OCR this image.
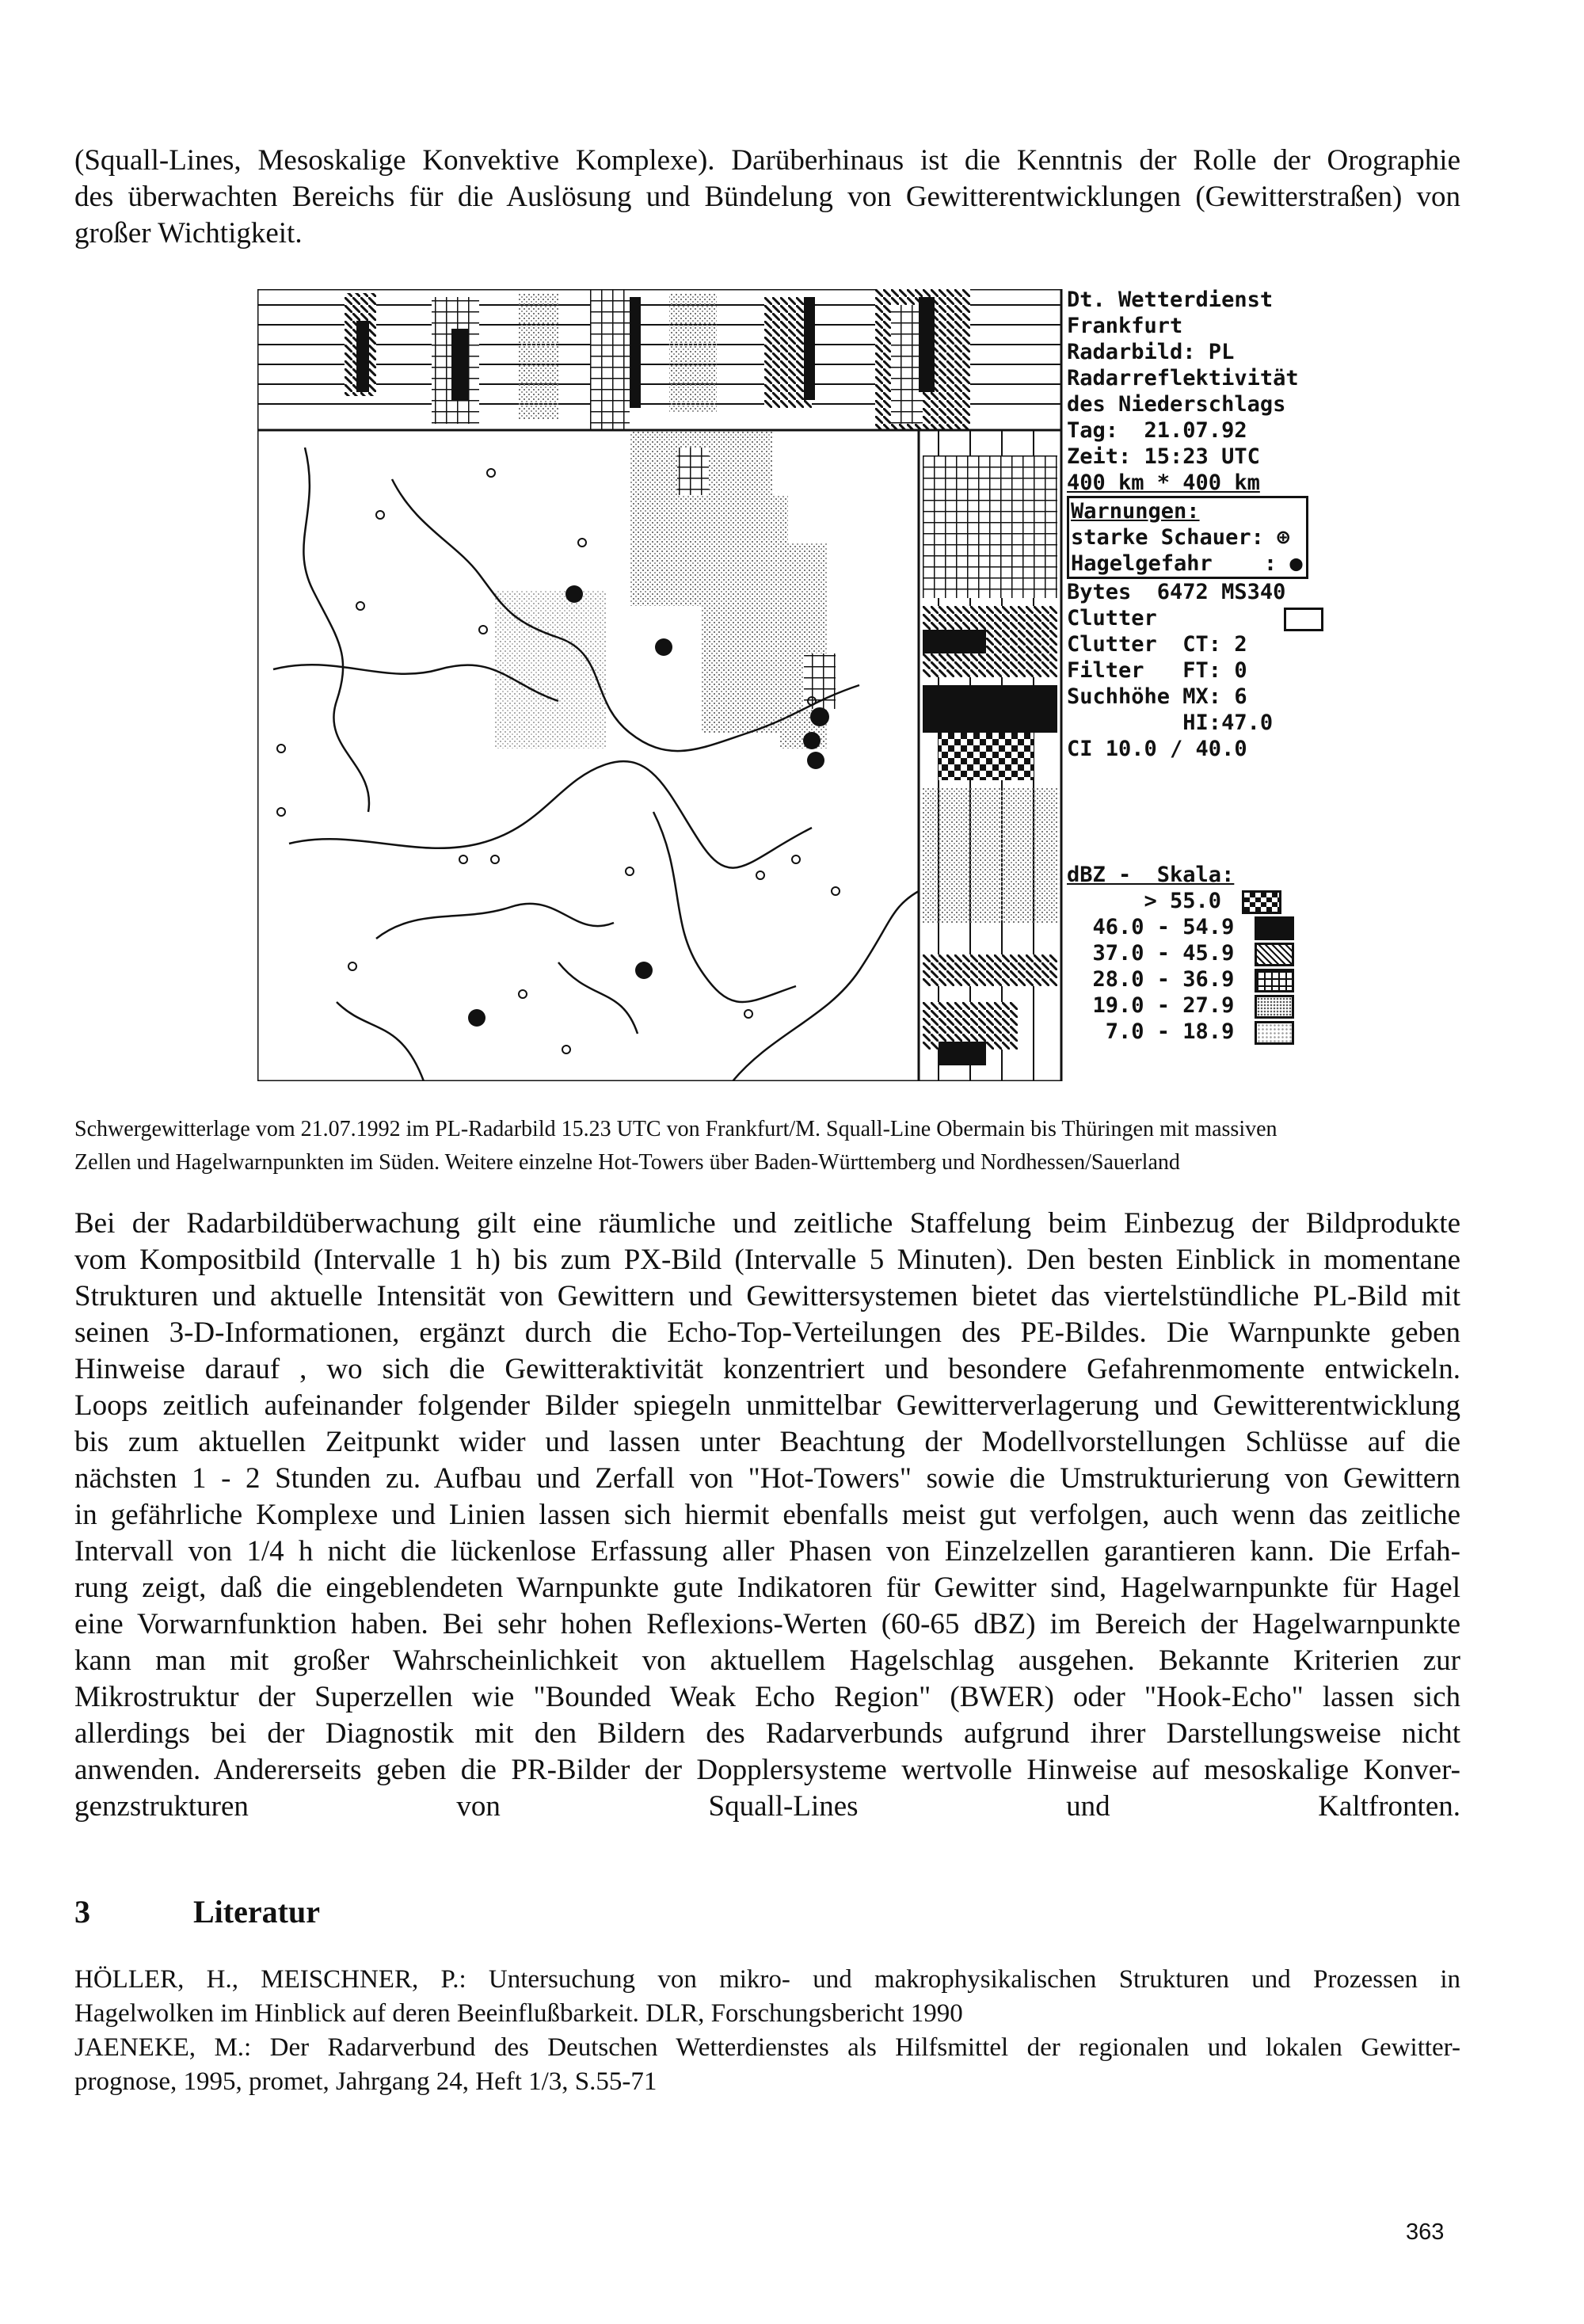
(Squall-Lines, Mesoskalige Konvektive Komplexe). Darüberhinaus ist die Kenntnis der Rolle der Orographie
des überwachten Bereichs für die Auslösung und Bündelung von Gewitterentwicklungen (Gewitterstraßen) von
großer Wichtigkeit.

Dt. Wetterdienst
Frankfurt
Radarbild: PL
Radarreflektivität
des Niederschlags
Tag:  21.07.92
Zeit: 15:23 UTC
400 km * 400 km
Warnungen:
starke Schauer: ⊕
Hagelgefahr    : ●
Bytes  6472 MS340
Clutter
Clutter  CT: 2
Filter   FT: 0
Suchhöhe MX: 6
HI:47.0
CI 10.0 / 40.0
dBZ -  Skala:
> 55.0
46.0 - 54.9
37.0 - 45.9
28.0 - 36.9
19.0 - 27.9
7.0 - 18.9

Schwergewitterlage vom 21.07.1992 im PL-Radarbild 15.23 UTC von Frankfurt/M. Squall-Line Obermain bis Thüringen mit massiven
Zellen und Hagelwarnpunkten im Süden. Weitere einzelne Hot-Towers über Baden-Württemberg und Nordhessen/Sauerland

Bei der Radarbildüberwachung gilt eine räumliche und zeitliche Staffelung beim Einbezug der Bildprodukte
vom Kompositbild (Intervalle 1 h) bis zum PX-Bild (Intervalle 5 Minuten). Den besten Einblick in momentane
Strukturen und aktuelle Intensität von Gewittern und Gewittersystemen bietet das viertelstündliche PL-Bild mit
seinen 3-D-Informationen, ergänzt durch die Echo-Top-Verteilungen des PE-Bildes. Die Warnpunkte geben
Hinweise darauf , wo sich die Gewitteraktivität konzentriert und besondere Gefahrenmomente entwickeln.
Loops zeitlich aufeinander folgender Bilder spiegeln unmittelbar Gewitterverlagerung und Gewitterentwicklung
bis zum aktuellen Zeitpunkt wider und lassen unter Beachtung der Modellvorstellungen Schlüsse auf die
nächsten 1 - 2 Stunden zu. Aufbau und Zerfall von "Hot-Towers" sowie die Umstrukturierung von Gewittern
in gefährliche Komplexe und Linien lassen sich hiermit ebenfalls meist gut verfolgen, auch wenn das zeitliche
Intervall von 1/4 h nicht die lückenlose Erfassung aller Phasen von Einzelzellen garantieren kann. Die Erfah-
rung zeigt, daß die eingeblendeten Warnpunkte gute Indikatoren für Gewitter sind, Hagelwarnpunkte für Hagel
eine Vorwarnfunktion haben. Bei sehr hohen Reflexions-Werten (60-65 dBZ) im Bereich der Hagelwarnpunkte
kann man mit großer Wahrscheinlichkeit von aktuellem Hagelschlag ausgehen. Bekannte Kriterien zur
Mikrostruktur der Superzellen wie "Bounded Weak Echo Region" (BWER) oder "Hook-Echo" lassen sich
allerdings bei der Diagnostik mit den Bildern des Radarverbunds aufgrund ihrer Darstellungsweise nicht
anwenden. Andererseits geben die PR-Bilder der Dopplersysteme wertvolle Hinweise auf mesoskalige Konver-
genzstrukturen von Squall-Lines und Kaltfronten.

3	Literatur
HÖLLER, H., MEISCHNER, P.: Untersuchung von mikro- und makrophysikalischen Strukturen und Prozessen in
Hagelwolken im Hinblick auf deren Beeinflußbarkeit. DLR, Forschungsbericht 1990
JAENEKE, M.: Der Radarverbund des Deutschen Wetterdienstes als Hilfsmittel der regionalen und lokalen Gewitter-
prognose, 1995, promet, Jahrgang 24, Heft 1/3, S.55-71
363
